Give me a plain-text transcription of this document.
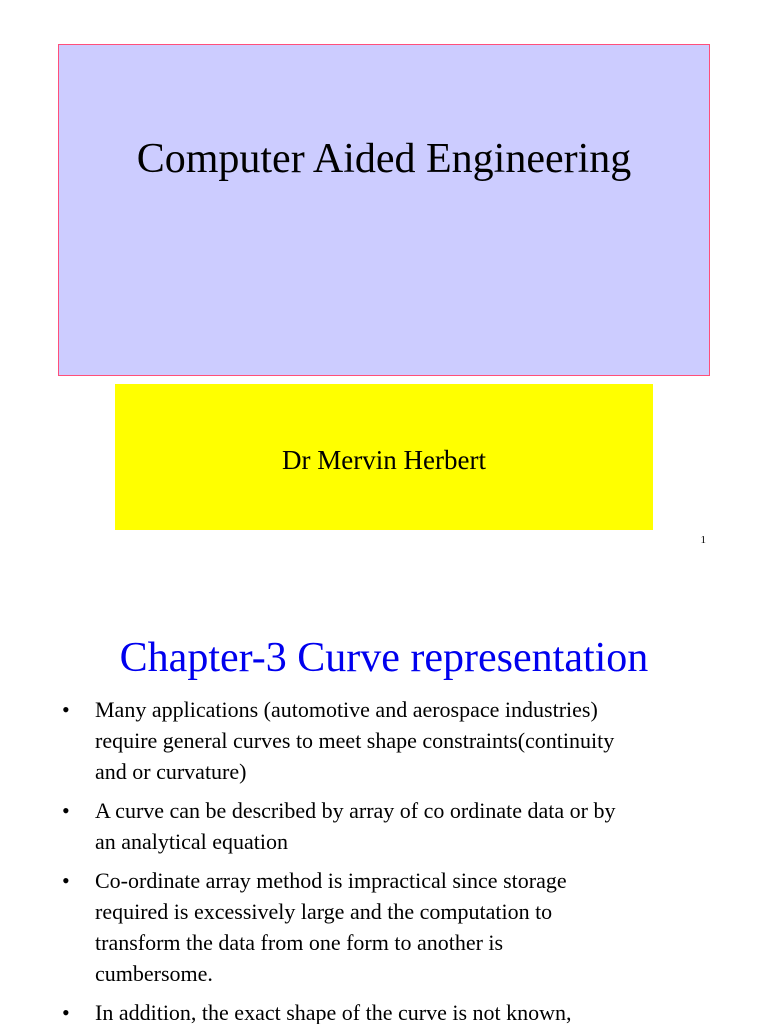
Computer Aided Engineering
Dr Mervin Herbert
1
Chapter-3 Curve representation
• Many applications (automotive and aerospace industries)
require general curves to meet shape constraints(continuity
and or curvature)
• A curve can be described by array of co ordinate data or by
an analytical equation
• Co-ordinate array method is impractical since storage
required is excessively large and the computation to
transform the data from one form to another is
cumbersome.
• In addition, the exact shape of the curve is not known,
